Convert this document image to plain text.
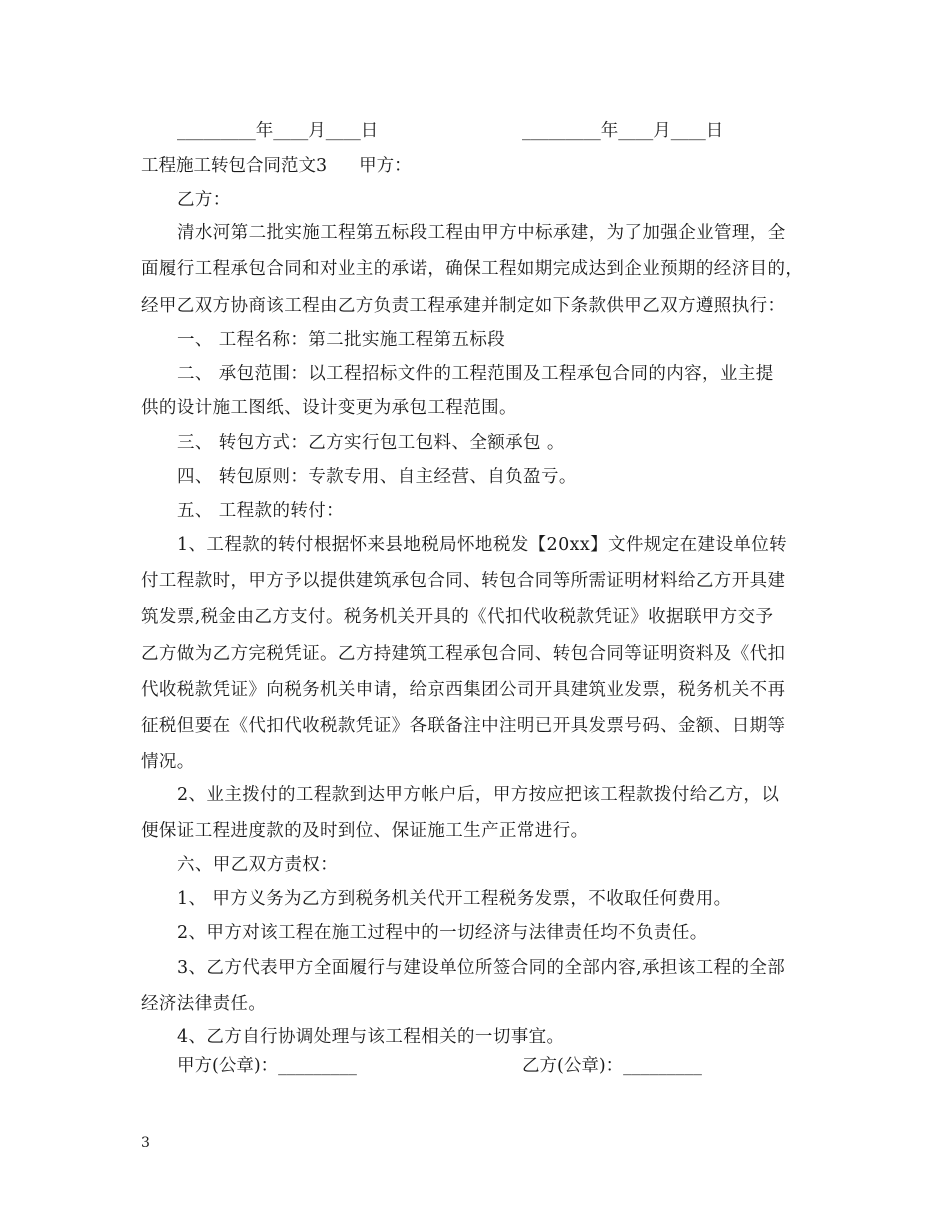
_________年____月____日	_________年____月____日
工程施工转包合同范文3 甲方：
乙方：
清水河第二批实施工程第五标段工程由甲方中标承建，为了加强企业管理，全
面履行工程承包合同和对业主的承诺，确保工程如期完成达到企业预期的经济目的，
经甲乙双方协商该工程由乙方负责工程承建并制定如下条款供甲乙双方遵照执行：
一、 工程名称：第二批实施工程第五标段
二、 承包范围：以工程招标文件的工程范围及工程承包合同的内容，业主提
供的设计施工图纸、设计变更为承包工程范围。
三、 转包方式：乙方实行包工包料、全额承包 。
四、 转包原则：专款专用、自主经营、自负盈亏。
五、 工程款的转付：
1、工程款的转付根据怀来县地税局怀地税发【20xx】文件规定在建设单位转
付工程款时，甲方予以提供建筑承包合同、转包合同等所需证明材料给乙方开具建
筑发票,税金由乙方支付。税务机关开具的《代扣代收税款凭证》收据联甲方交予
乙方做为乙方完税凭证。乙方持建筑工程承包合同、转包合同等证明资料及《代扣
代收税款凭证》向税务机关申请，给京西集团公司开具建筑业发票，税务机关不再
征税但要在《代扣代收税款凭证》各联备注中注明已开具发票号码、金额、日期等
情况。
2、业主拨付的工程款到达甲方帐户后，甲方按应把该工程款拨付给乙方，以
便保证工程进度款的及时到位、保证施工生产正常进行。
六、甲乙双方责权：
1、 甲方义务为乙方到税务机关代开工程税务发票，不收取任何费用。
2、甲方对该工程在施工过程中的一切经济与法律责任均不负责任。
3、乙方代表甲方全面履行与建设单位所签合同的全部内容,承担该工程的全部
经济法律责任。
4、乙方自行协调处理与该工程相关的一切事宜。
甲方(公章)：_________	乙方(公章)：_________
3
